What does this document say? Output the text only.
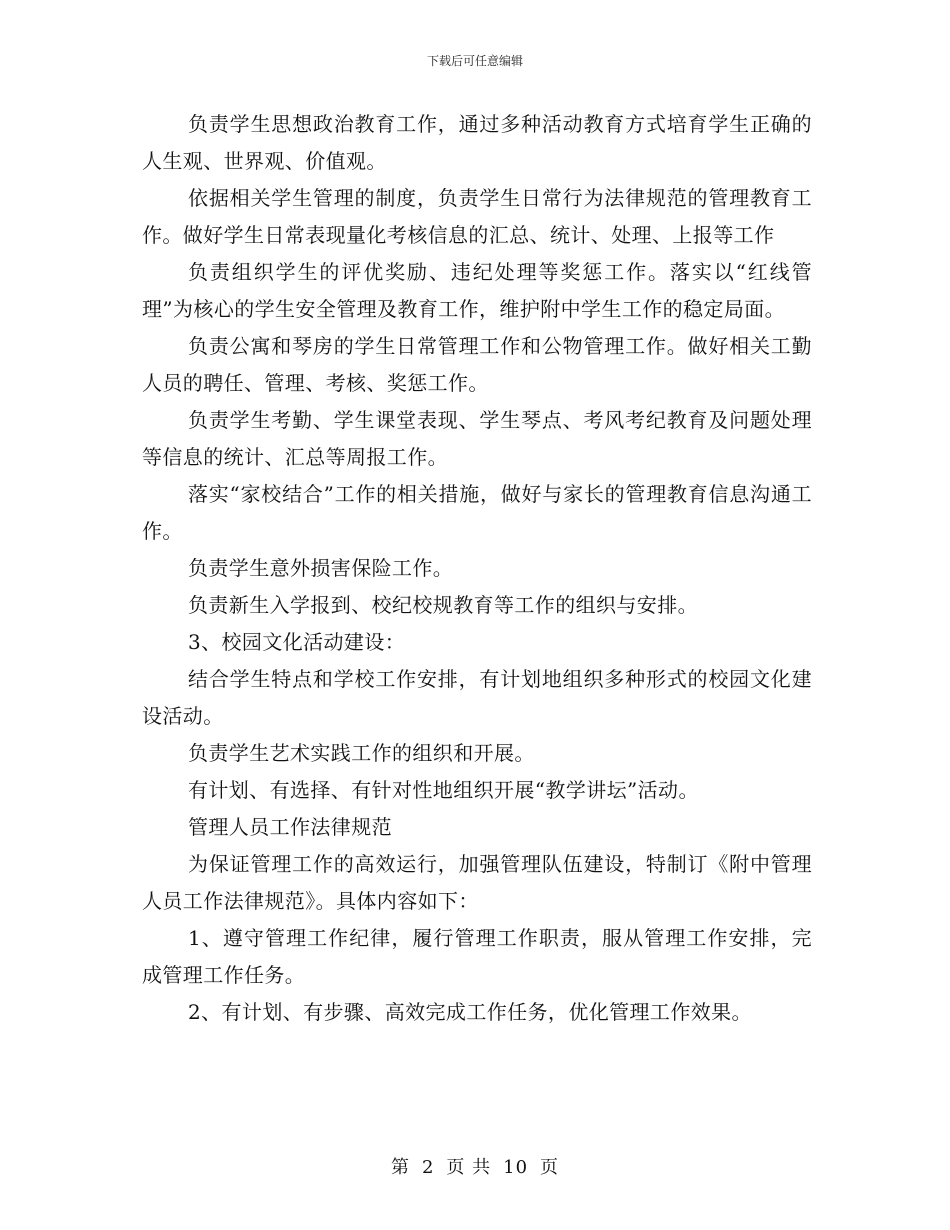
下载后可任意编辑

负责学生思想政治教育工作，通过多种活动教育方式培育学生正确的人生观、世界观、价值观。

依据相关学生管理的制度，负责学生日常行为法律规范的管理教育工作。做好学生日常表现量化考核信息的汇总、统计、处理、上报等工作

负责组织学生的评优奖励、违纪处理等奖惩工作。落实以“红线管理”为核心的学生安全管理及教育工作，维护附中学生工作的稳定局面。

负责公寓和琴房的学生日常管理工作和公物管理工作。做好相关工勤人员的聘任、管理、考核、奖惩工作。

负责学生考勤、学生课堂表现、学生琴点、考风考纪教育及问题处理等信息的统计、汇总等周报工作。

落实“家校结合”工作的相关措施，做好与家长的管理教育信息沟通工作。

负责学生意外损害保险工作。

负责新生入学报到、校纪校规教育等工作的组织与安排。

3、校园文化活动建设：

结合学生特点和学校工作安排，有计划地组织多种形式的校园文化建设活动。

负责学生艺术实践工作的组织和开展。

有计划、有选择、有针对性地组织开展“教学讲坛”活动。

管理人员工作法律规范

为保证管理工作的高效运行，加强管理队伍建设，特制订《附中管理人员工作法律规范》。具体内容如下：

1、遵守管理工作纪律，履行管理工作职责，服从管理工作安排，完成管理工作任务。

2、有计划、有步骤、高效完成工作任务，优化管理工作效果。

第 2 页 共 10 页
